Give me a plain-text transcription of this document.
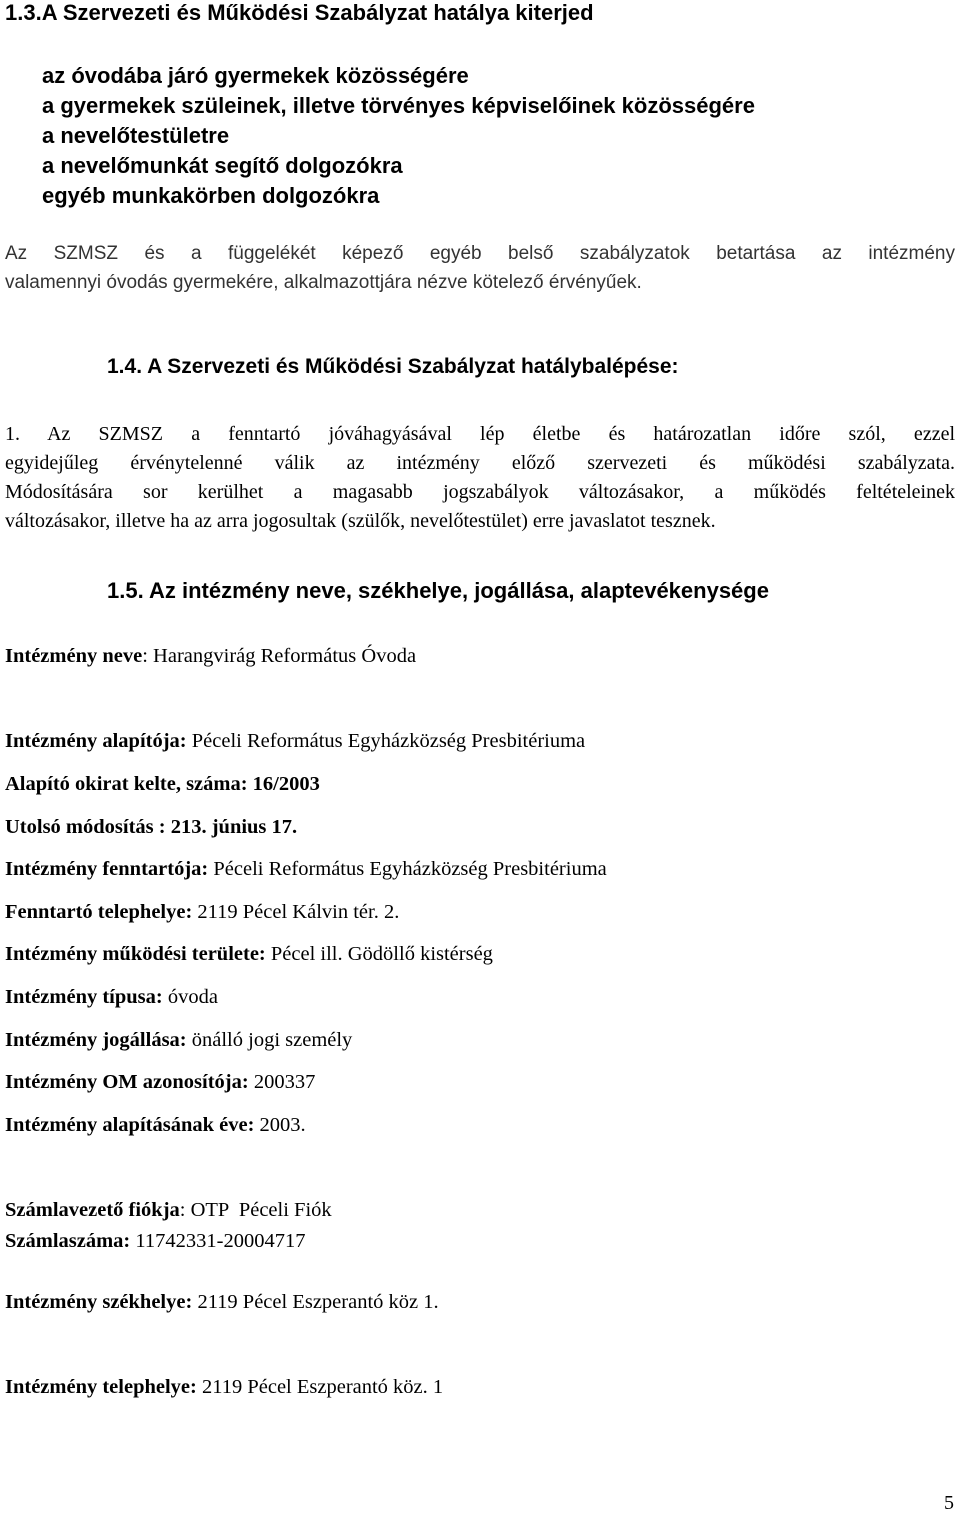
1.3.A Szervezeti és Működési Szabályzat hatálya kiterjed
az óvodába járó gyermekek közösségére
a gyermekek szüleinek, illetve törvényes képviselőinek közösségére
a nevelőtestületre
a nevelőmunkát segítő dolgozókra
egyéb munkakörben dolgozókra
Az SZMSZ és a függelékét képező egyéb belső szabályzatok betartása az intézmény
valamennyi óvodás gyermekére, alkalmazottjára nézve kötelező érvényűek.
1.4. A Szervezeti és Működési Szabályzat hatálybalépése:
1. Az SZMSZ a fenntartó jóváhagyásával lép életbe és határozatlan időre szól, ezzel
egyidejűleg érvénytelenné válik az intézmény előző szervezeti és működési szabályzata.
Módosítására sor kerülhet a magasabb jogszabályok változásakor, a működés feltételeinek
változásakor, illetve ha az arra jogosultak (szülők, nevelőtestület) erre javaslatot tesznek.
1.5. Az intézmény neve, székhelye, jogállása, alaptevékenysége
Intézmény neve: Harangvirág Református Óvoda
Intézmény alapítója: Péceli Református Egyházközség Presbitériuma
Alapító okirat kelte, száma: 16/2003
Utolsó módosítás : 213. június 17.
Intézmény fenntartója: Péceli Református Egyházközség Presbitériuma
Fenntartó telephelye: 2119 Pécel Kálvin tér. 2.
Intézmény működési területe: Pécel ill. Gödöllő kistérség
Intézmény típusa: óvoda
Intézmény jogállása: önálló jogi személy
Intézmény OM azonosítója: 200337
Intézmény alapításának éve: 2003.
Számlavezető fiókja: OTP  Péceli Fiók
Számlaszáma: 11742331-20004717
Intézmény székhelye: 2119 Pécel Eszperantó köz 1.
Intézmény telephelye: 2119 Pécel Eszperantó köz. 1
5
